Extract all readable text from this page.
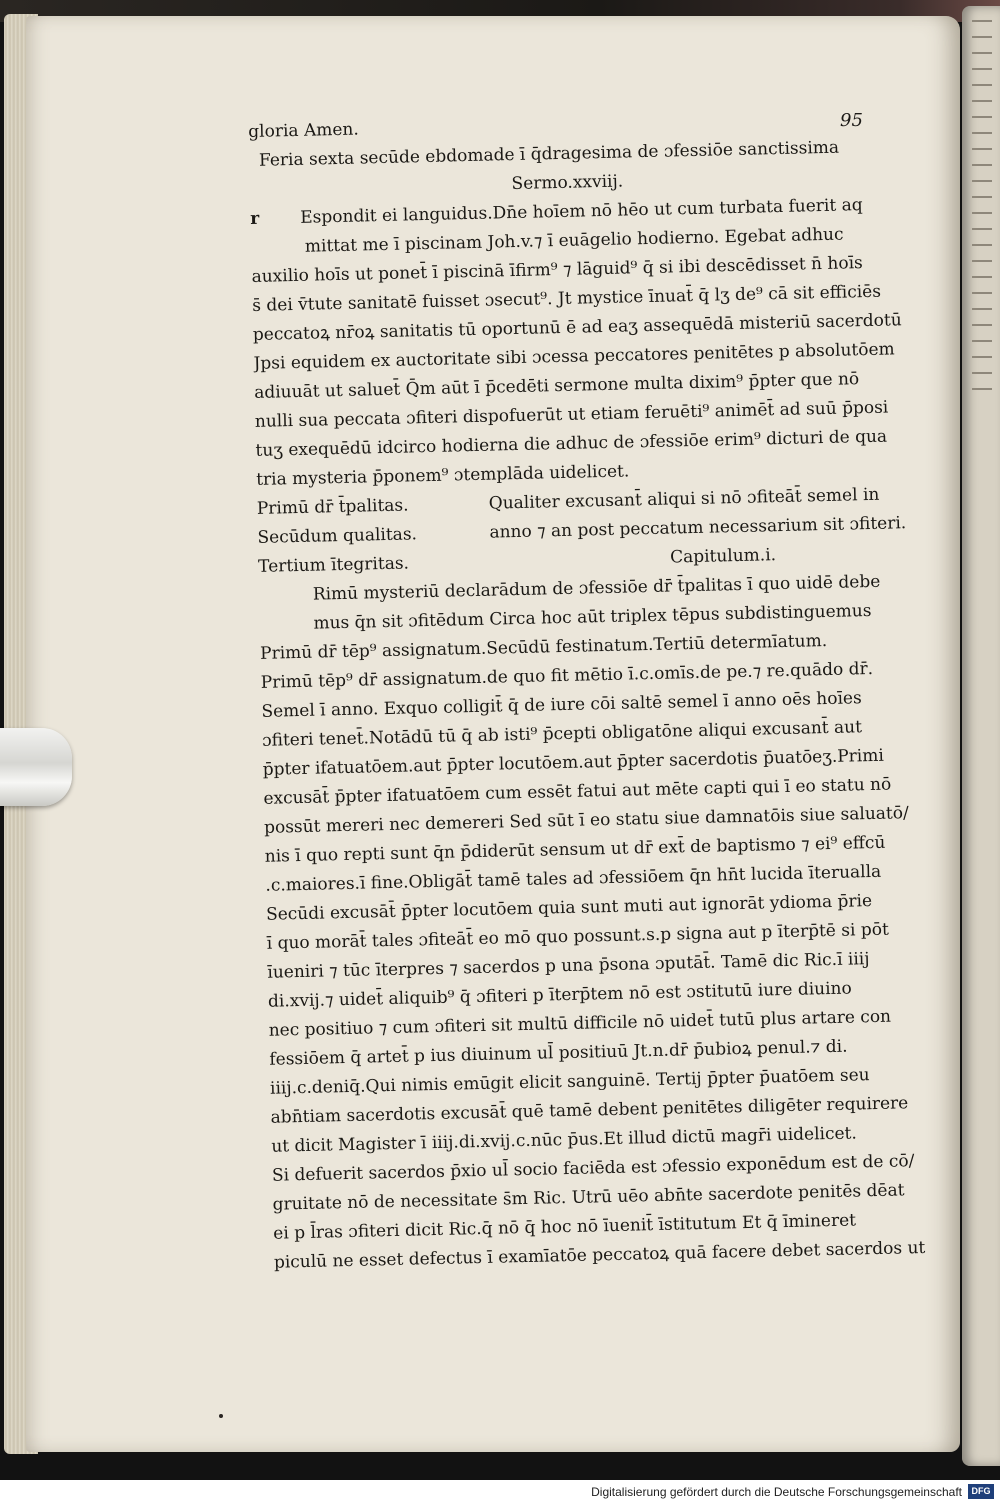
95
gloria Amen.
Feria sexta secūde ebdomade ī q̄dragesima de ɔfessiōe sanctissima
Sermo.xxviij.
r	Espondit ei languidus.Dn̄e hoīem nō hēo ut cum turbata fuerit aq
mittat me ī piscinam Joh.v.⁊ ī euāgelio hodierno. Egebat adhuc
auxilio hoīs ut ponet̄ ī piscinā īfirm⁹ ⁊ lāguid⁹ q̄ si ibi descēdisset n̄ hoīs
s̄ dei v̄tute sanitatē fuisset ɔsecut⁹. Jt mystice īnuat̄ q̄ lʒ de⁹ cā sit efficiēs
peccatoꝝ nr̄oꝝ sanitatis tū oportunū ē ad eaʒ assequēdā misteriū sacerdotū
Jpsi equidem ex auctoritate sibi ɔcessa peccatores penitētes p absolutōem
adiuuāt ut saluet̄ Q̄m aūt ī p̄cedēti sermone multa dixim⁹ p̄pter que nō
nulli sua peccata ɔfiteri dispofuerūt ut etiam feruēti⁹ animēt̄ ad suū p̄posi
tuʒ exequēdū idcirco hodierna die adhuc de ɔfessiōe erim⁹ dicturi de qua
tria mysteria p̄ponem⁹ ɔtemplāda uidelicet.
Primū dr̄ t̄palitas.	Qualiter excusant̄ aliqui si nō ɔfiteāt̄ semel in
Secūdum qualitas.	anno ⁊ an post peccatum necessarium sit ɔfiteri.
Tertium ītegritas.	Capitulum.i.
Rimū mysteriū declarādum de ɔfessiōe dr̄ t̄palitas ī quo uidē debe
mus q̄n sit ɔfitēdum Circa hoc aūt triplex tēpus subdistinguemus
Primū dr̄ tēp⁹ assignatum.Secūdū festinatum.Tertiū determīatum.
Primū tēp⁹ dr̄ assignatum.de quo fit mētio ī.c.omīs.de pe.⁊ re.quādo dr̄.
Semel ī anno. Exquo colligit̄ q̄ de iure cōi saltē semel ī anno oēs hoīes
ɔfiteri tenet̄.Notādū tū q̄ ab isti⁹ p̄cepti obligatōne aliqui excusant̄ aut
p̄pter ifatuatōem.aut p̄pter locutōem.aut p̄pter sacerdotis p̄uatōeʒ.Primi
excusāt̄ p̄pter ifatuatōem cum essēt fatui aut mēte capti qui ī eo statu nō
possūt mereri nec demereri Sed sūt ī eo statu siue damnatōis siue saluatō/
nis ī quo repti sunt q̄n p̄diderūt sensum ut dr̄ ext̄ de baptismo ⁊ ei⁹ effcū
.c.maiores.ī fine.Obligāt̄ tamē tales ad ɔfessiōem q̄n hn̄t lucida īterualla
Secūdi excusāt̄ p̄pter locutōem quia sunt muti aut ignorāt ydioma p̄rie
ī quo morāt̄ tales ɔfiteāt̄ eo mō quo possunt.s.p signa aut p īterp̄tē si pōt
īueniri ⁊ tūc īterpres ⁊ sacerdos p una p̄sona ɔputāt̄. Tamē dic Ric.ī iiij
di.xvij.⁊ uidet̄ aliquib⁹ q̄ ɔfiteri p īterp̄tem nō est ɔstitutū iure diuino
nec positiuo ⁊ cum ɔfiteri sit multū difficile nō uidet̄ tutū plus artare con
fessiōem q̄ artet̄ p ius diuinum ul̄ positiuū Jt.n.dr̄ p̄ubioꝝ penul.⁊ di.
iiij.c.deniq̄.Qui nimis emūgit elicit sanguinē. Tertij p̄pter p̄uatōem seu
abn̄tiam sacerdotis excusāt̄ quē tamē debent penitētes diligēter requirere
ut dicit Magister ī iiij.di.xvij.c.nūc p̄us.Et illud dictū magr̄i uidelicet.
Si defuerit sacerdos p̄xio ul̄ socio faciēda est ɔfessio exponēdum est de cō/
gruitate nō de necessitate s̄m Ric. Utrū uēo abn̄te sacerdote penitēs dēat
ei p l̄ras ɔfiteri dicit Ric.q̄ nō q̄ hoc nō īuenit̄ īstitutum Et q̄ īmineret
piculū ne esset defectus ī examīatōe peccatoꝝ quā facere debet sacerdos ut
Digitalisierung gefördert durch die Deutsche Forschungsgemeinschaft	DFG
